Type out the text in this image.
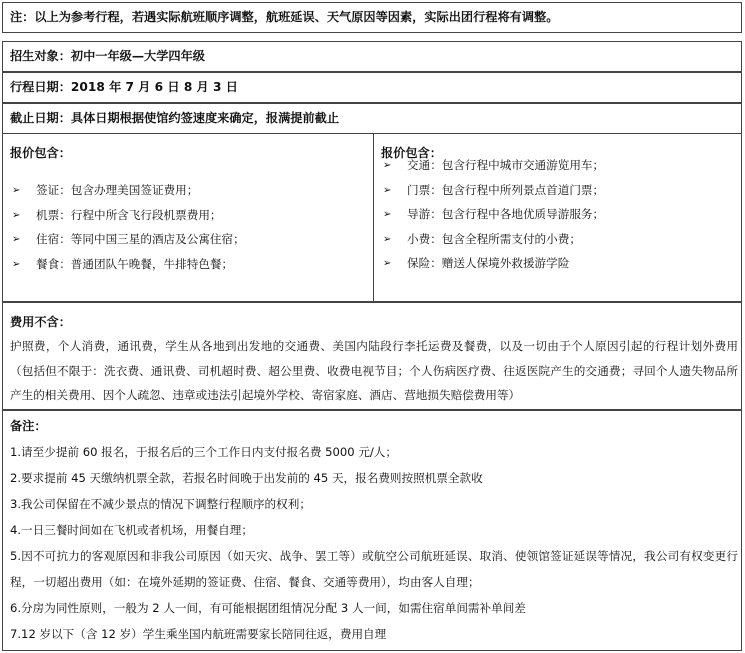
注：以上为参考行程，若遇实际航班顺序调整，航班延误、天气原因等因素，实际出团行程将有调整。
招生对象：初中一年级—大学四年级
行程日期：2018 年 7 月 6 日 8 月 3 日
截止日期：具体日期根据使馆约签速度来确定，报满提前截止
报价包含：
➢	签证：包含办理美国签证费用；
➢	机票：行程中所含飞行段机票费用；
➢	住宿：等同中国三星的酒店及公寓住宿；
➢	餐食：普通团队午晚餐，牛排特色餐；
报价包含：
➢	交通：包含行程中城市交通游览用车；
➢	门票：包含行程中所列景点首道门票；
➢	导游：包含行程中各地优质导游服务；
➢	小费：包含全程所需支付的小费；
➢	保险：赠送人保境外救援游学险
费用不含：
护照费，个人消费，通讯费，学生从各地到出发地的交通费、美国内陆段行李托运费及餐费，以及一切由于个人原因引起的行程计划外费用（包括但不限于：洗衣费、通讯费、司机超时费、超公里费、收费电视节目；个人伤病医疗费、往返医院产生的交通费；寻回个人遗失物品所产生的相关费用、因个人疏忽、违章或违法引起境外学校、寄宿家庭、酒店、营地损失赔偿费用等）
备注：
1.请至少提前 60 报名，于报名后的三个工作日内支付报名费 5000 元/人；
2.要求提前 45 天缴纳机票全款，若报名时间晚于出发前的 45 天，报名费则按照机票全款收
3.我公司保留在不减少景点的情况下调整行程顺序的权利；
4.一日三餐时间如在飞机或者机场，用餐自理；
5.因不可抗力的客观原因和非我公司原因（如天灾、战争、罢工等）或航空公司航班延误、取消、使领馆签证延误等情况，我公司有权变更行程，一切超出费用（如：在境外延期的签证费、住宿、餐食、交通等费用），均由客人自理；
6.分房为同性原则，一般为 2 人一间，有可能根据团组情况分配 3 人一间，如需住宿单间需补单间差
7.12 岁以下（含 12 岁）学生乘坐国内航班需要家长陪同往返，费用自理
